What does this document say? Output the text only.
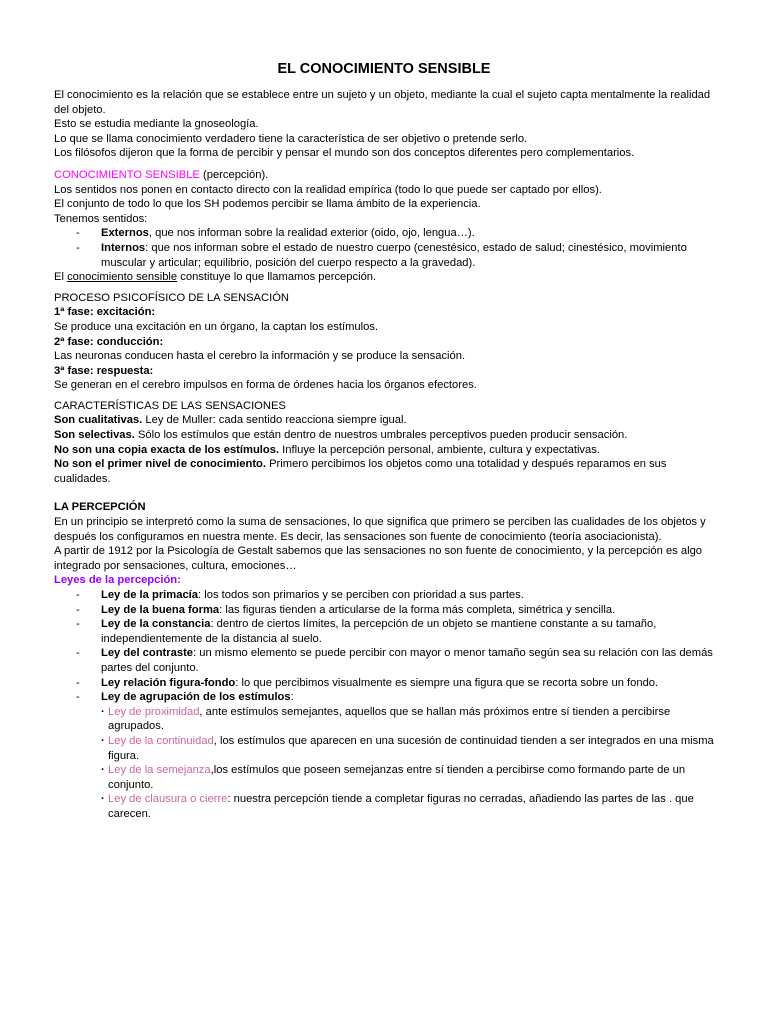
EL CONOCIMIENTO SENSIBLE

El conocimiento es la relación que se establece entre un sujeto y un objeto, mediante la cual el sujeto capta mentalmente la realidad del objeto.

Esto se estudia mediante la gnoseología.

Lo que se llama conocimiento verdadero tiene la característica de ser objetivo o pretende serlo.

Los filósofos dijeron que la forma de percibir y pensar el mundo son dos conceptos diferentes pero complementarios.

CONOCIMIENTO SENSIBLE (percepción).

Los sentidos nos ponen en contacto directo con la realidad empírica (todo lo que puede ser captado por ellos).

El conjunto de todo lo que los SH podemos percibir se llama ámbito de la experiencia.

Tenemos sentidos:

- Externos, que nos informan sobre la realidad exterior (oido, ojo, lengua…).
- Internos: que nos informan sobre el estado de nuestro cuerpo (cenestésico, estado de salud; cinestésico, movimiento muscular y articular; equilibrio, posición del cuerpo respecto a la gravedad).

El conocimiento sensible constituye lo que llamamos percepción.

PROCESO PSICOFÍSICO DE LA SENSACIÓN

1ª fase: excitación:

Se produce una excitación en un órgano, la captan los estímulos.

2ª fase: conducción:

Las neuronas conducen hasta el cerebro la información y se produce la sensación.

3ª fase: respuesta:

Se generan en el cerebro impulsos en forma de órdenes hacia los órganos efectores.

CARACTERÍSTICAS DE LAS SENSACIONES

Son cualitativas. Ley de Muller: cada sentido reacciona siempre igual.

Son selectivas. Sólo los estímulos que están dentro de nuestros umbrales perceptivos pueden producir sensación.

No son una copia exacta de los estímulos. Influye la percepción personal, ambiente, cultura y expectativas.

No son el primer nivel de conocimiento. Primero percibimos los objetos como una totalidad y después reparamos en sus cualidades.

LA PERCEPCIÓN

En un principio se interpretó como la suma de sensaciones, lo que significa que primero se perciben las cualidades de los objetos y después los configuramos en nuestra mente. Es decir, las sensaciones son fuente de conocimiento (teoría asociacionista).

A partir de 1912 por la Psicología de Gestalt sabemos que las sensaciones no son fuente de conocimiento, y la percepción es algo integrado por sensaciones, cultura, emociones…

Leyes de la percepción:

- Ley de la primacía: los todos son primarios y se perciben con prioridad a sus partes.
- Ley de la buena forma: las figuras tienden a articularse de la forma más completa, simétrica y sencilla.
- Ley de la constancia: dentro de ciertos límites, la percepción de un objeto se mantiene constante a su tamaño, independientemente de la distancia al suelo.
- Ley del contraste: un mismo elemento se puede percibir con mayor o menor tamaño según sea su relación con las demás partes del conjunto.
- Ley relación figura-fondo: lo que percibimos visualmente es siempre una figura que se recorta sobre un fondo.
- Ley de agrupación de los estímulos:
· Ley de proximidad, ante estímulos semejantes, aquellos que se hallan más próximos entre sí tienden a percibirse agrupados.
· Ley de la continuidad, los estímulos que aparecen en una sucesión de continuidad tienden a ser integrados en una misma figura.
· Ley de la semejanza,los estímulos que poseen semejanzas entre sí tienden a percibirse como formando parte de un conjunto.
· Ley de clausura o cierre: nuestra percepción tiende a completar figuras no cerradas, añadiendo las partes de las . que carecen.
